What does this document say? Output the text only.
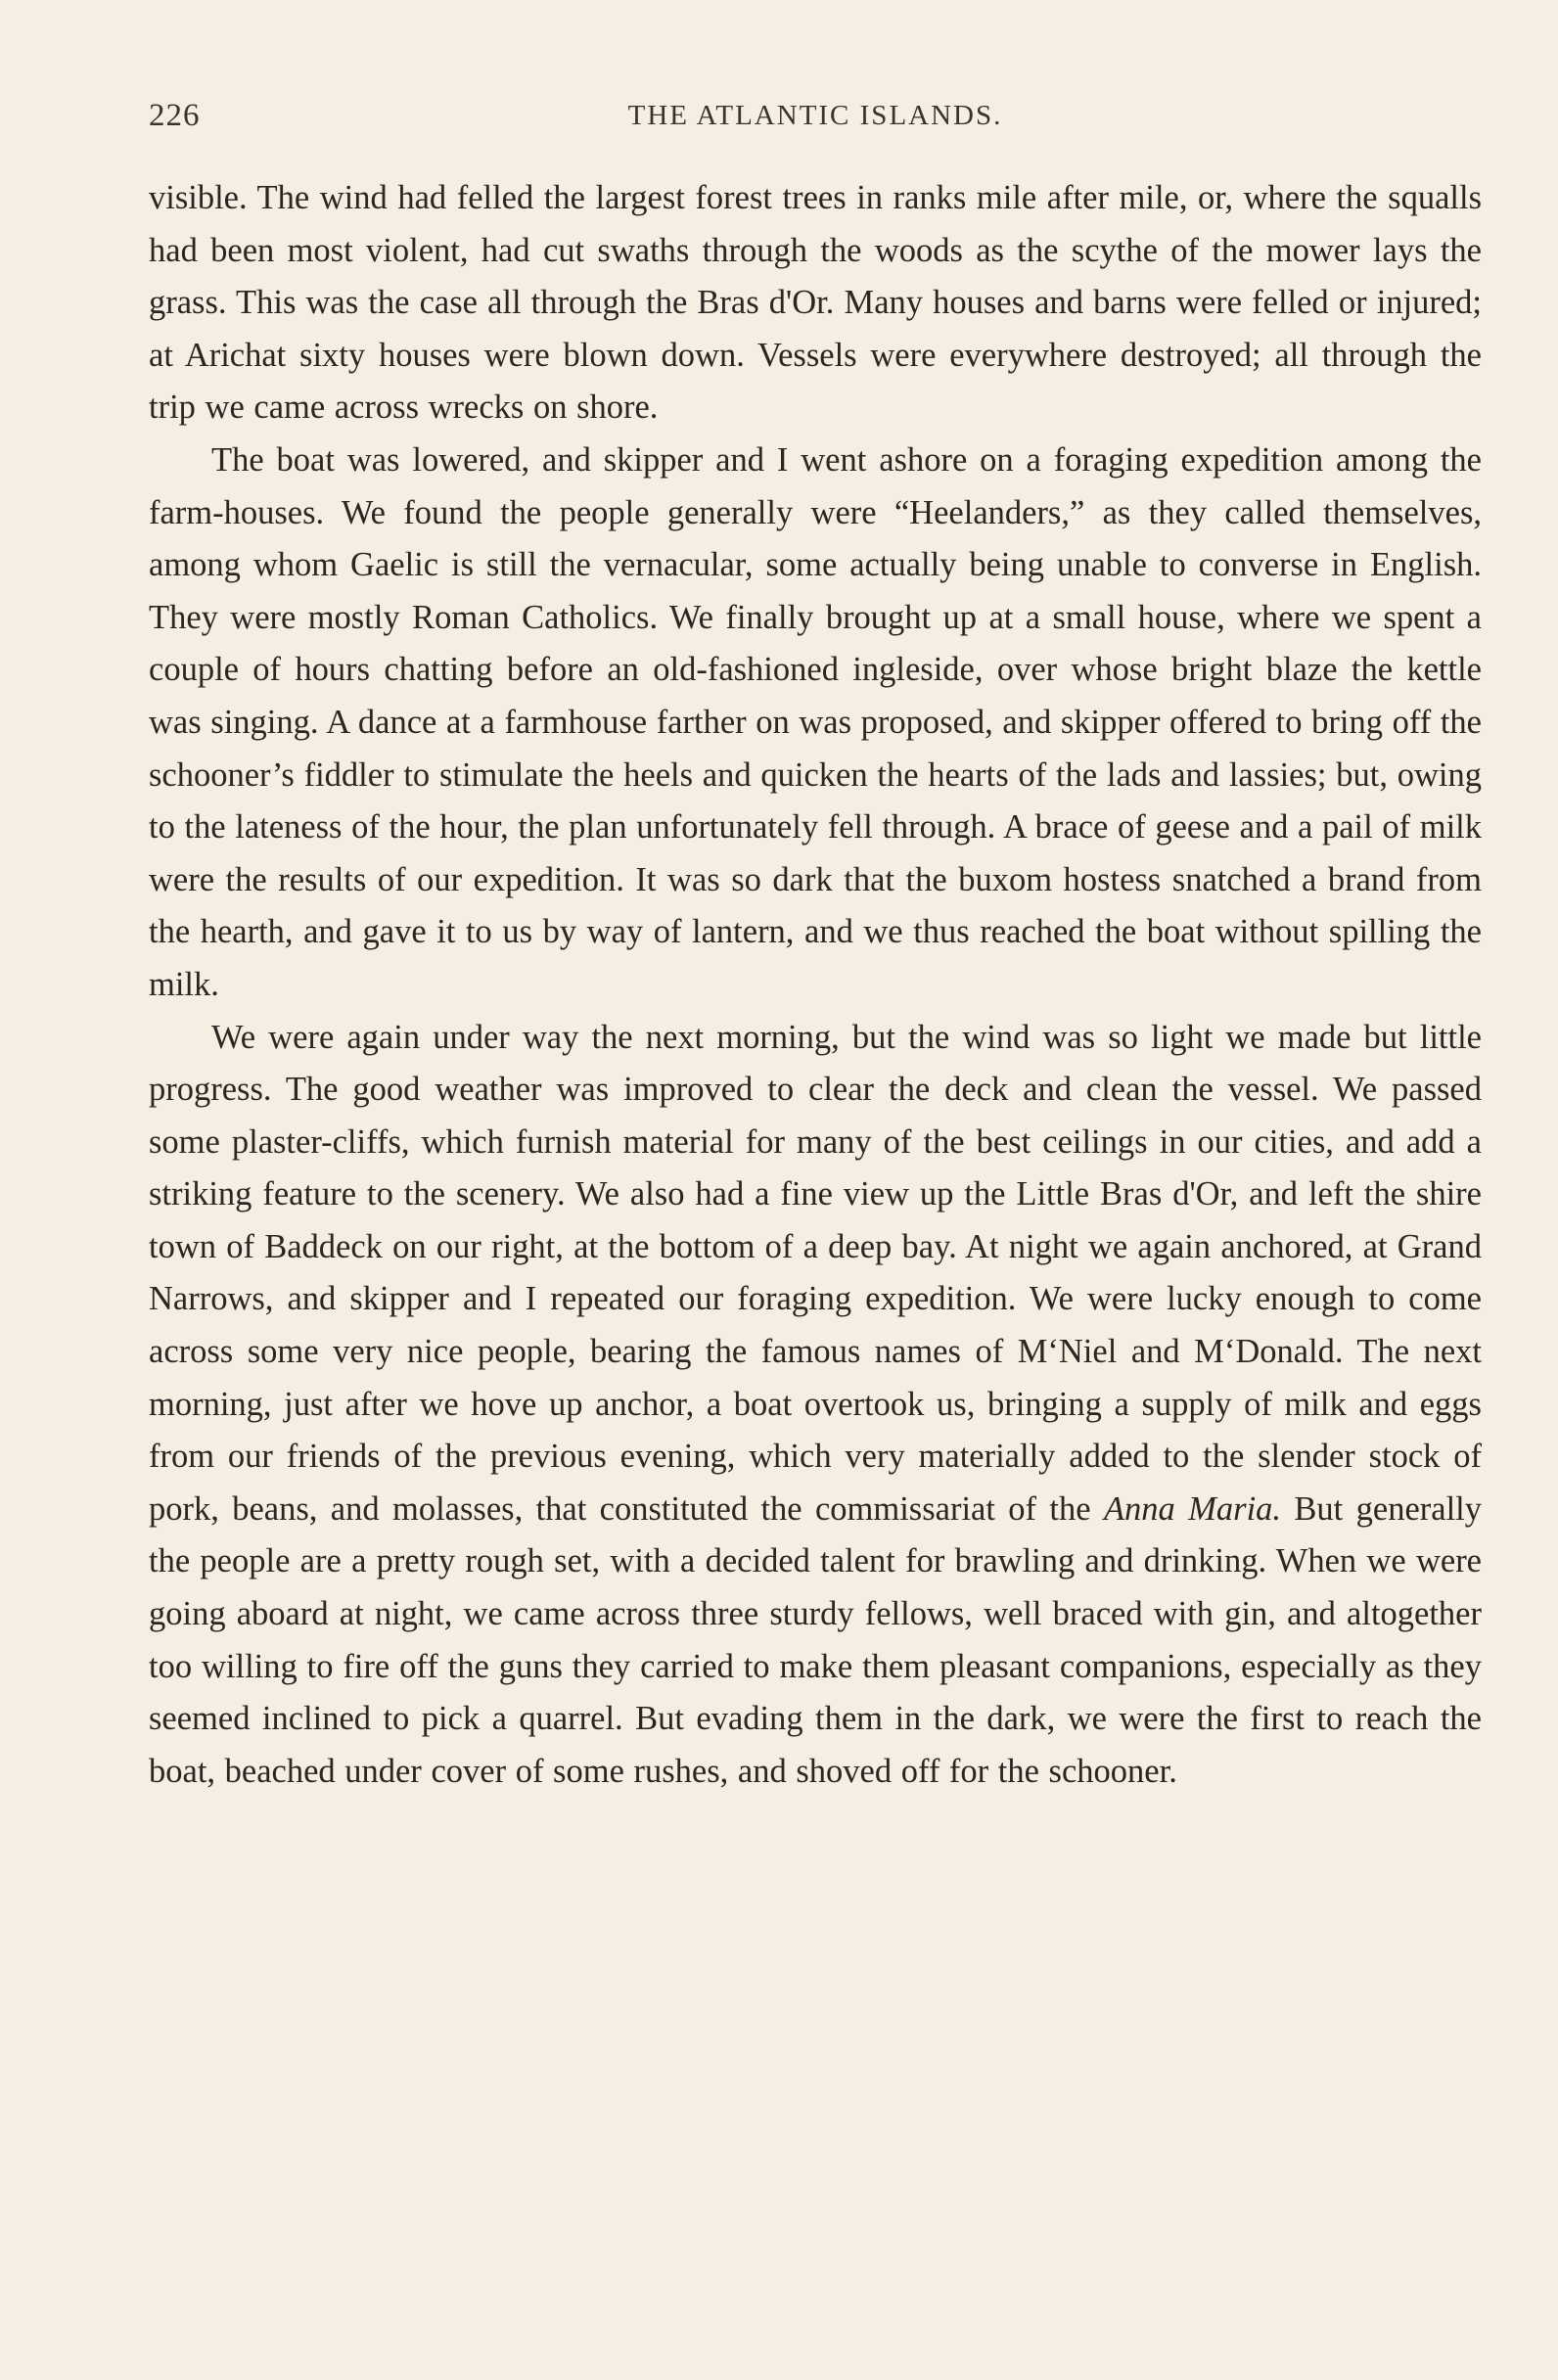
226	THE ATLANTIC ISLANDS.

visible. The wind had felled the largest forest trees in ranks mile after mile, or, where the squalls had been most violent, had cut swaths through the woods as the scythe of the mower lays the grass. This was the case all through the Bras d'Or. Many houses and barns were felled or injured; at Arichat sixty houses were blown down. Vessels were everywhere destroyed; all through the trip we came across wrecks on shore.

The boat was lowered, and skipper and I went ashore on a foraging expedition among the farm-houses. We found the people generally were “Heelanders,” as they called themselves, among whom Gaelic is still the vernacular, some actually being unable to converse in English. They were mostly Roman Catholics. We finally brought up at a small house, where we spent a couple of hours chatting before an old-fashioned ingleside, over whose bright blaze the kettle was singing. A dance at a farmhouse farther on was proposed, and skipper offered to bring off the schooner’s fiddler to stimulate the heels and quicken the hearts of the lads and lassies; but, owing to the lateness of the hour, the plan unfortunately fell through. A brace of geese and a pail of milk were the results of our expedition. It was so dark that the buxom hostess snatched a brand from the hearth, and gave it to us by way of lantern, and we thus reached the boat without spilling the milk.

We were again under way the next morning, but the wind was so light we made but little progress. The good weather was improved to clear the deck and clean the vessel. We passed some plaster-cliffs, which furnish material for many of the best ceilings in our cities, and add a striking feature to the scenery. We also had a fine view up the Little Bras d'Or, and left the shire town of Baddeck on our right, at the bottom of a deep bay. At night we again anchored, at Grand Narrows, and skipper and I repeated our foraging expedition. We were lucky enough to come across some very nice people, bearing the famous names of M‘Niel and M‘Donald. The next morning, just after we hove up anchor, a boat overtook us, bringing a supply of milk and eggs from our friends of the previous evening, which very materially added to the slender stock of pork, beans, and molasses, that constituted the commissariat of the Anna Maria. But generally the people are a pretty rough set, with a decided talent for brawling and drinking. When we were going aboard at night, we came across three sturdy fellows, well braced with gin, and altogether too willing to fire off the guns they carried to make them pleasant companions, especially as they seemed inclined to pick a quarrel. But evading them in the dark, we were the first to reach the boat, beached under cover of some rushes, and shoved off for the schooner.
